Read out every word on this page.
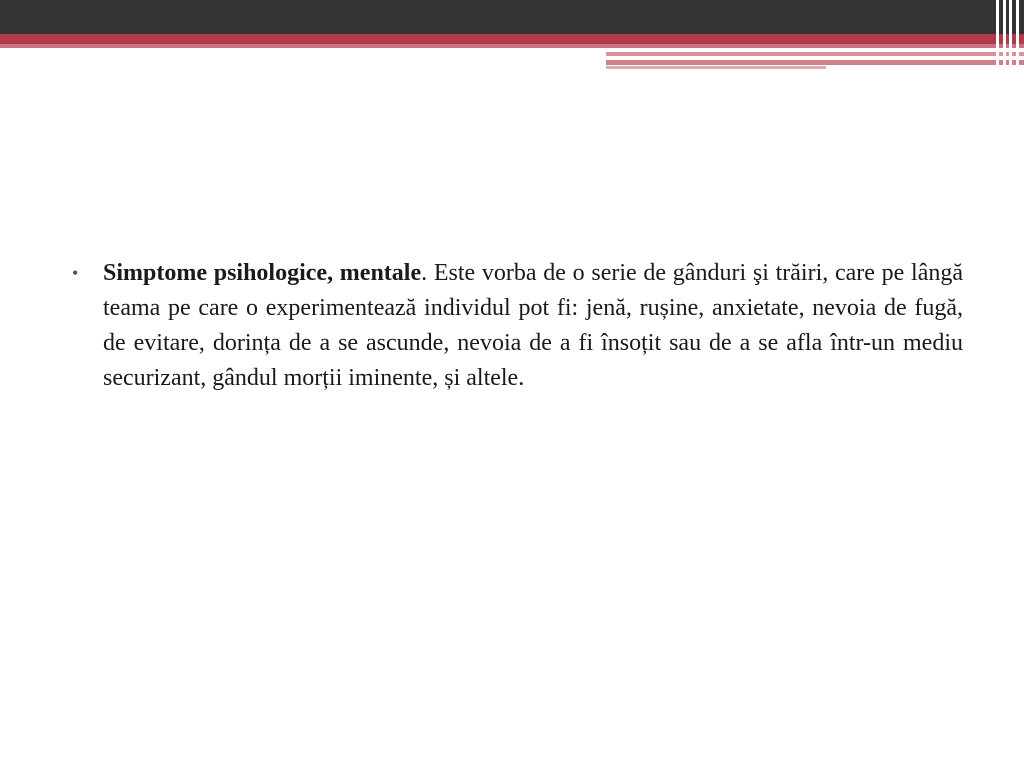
• Simptome psihologice, mentale. Este vorba de o serie de gânduri şi trăiri, care pe lângă teama pe care o experimentează individul pot fi: jenă, rușine, anxietate, nevoia de fugă, de evitare, dorința de a se ascunde, nevoia de a fi însoțit sau de a se afla într-un mediu securizant, gândul morții iminente, și altele.
